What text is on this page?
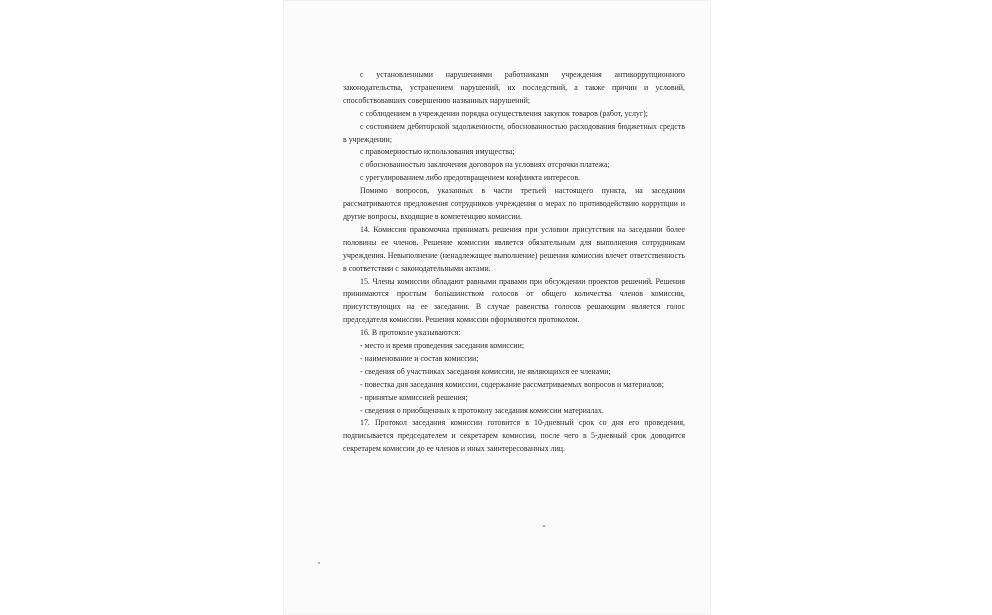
с установленными нарушениями работниками учреждения антикоррупционного законодательства, устранением нарушений, их последствий, а также причин и условий, способствовавших совершению названных нарушений;

с соблюдением в учреждении порядка осуществления закупок товаров (работ, услуг);

с состоянием дебиторской задолженности, обоснованностью расходования бюджетных средств в учреждении;

с правомерностью использования имущества;

с обоснованностью заключения договоров на условиях отсрочки платежа;

с урегулированием либо предотвращением конфликта интересов.

Помимо вопросов, указанных в части третьей настоящего пункта, на заседании рассматриваются предложения сотрудников учреждения о мерах по противодействию коррупции и другие вопросы, входящие в компетенцию комиссии.

14. Комиссия правомочна принимать решения при условии присутствия на заседании более половины ее членов. Решение комиссии является обязательным для выполнения сотрудникам учреждения. Невыполнение (ненадлежащее выполнение) решения комиссии влечет ответственность в соответствии с законодательными актами.

15. Члены комиссии обладают равными правами при обсуждении проектов решений. Решения принимаются простым большинством голосов от общего количества членов комиссии, присутствующих на ее заседании. В случае равенства голосов решающим является голос председателя комиссии. Решения комиссии оформляются протоколом.

16. В протоколе указываются:

- место и время проведения заседания комиссии;

- наименование и состав комиссии;

- сведения об участниках заседания комиссии, не являющихся ее членами;

- повестка дня заседания комиссии, содержание рассматриваемых вопросов и материалов;

- принятые комиссией решения;

- сведения о приобщенных к протоколу заседания комиссии материалах.

17. Протокол заседания комиссии готовится в 10-дневный срок со дня его проведения, подписывается председателем и секретарем комиссии, после чего в 5-дневный срок доводится секретарем комиссии до ее членов и иных заинтересованных лиц.
